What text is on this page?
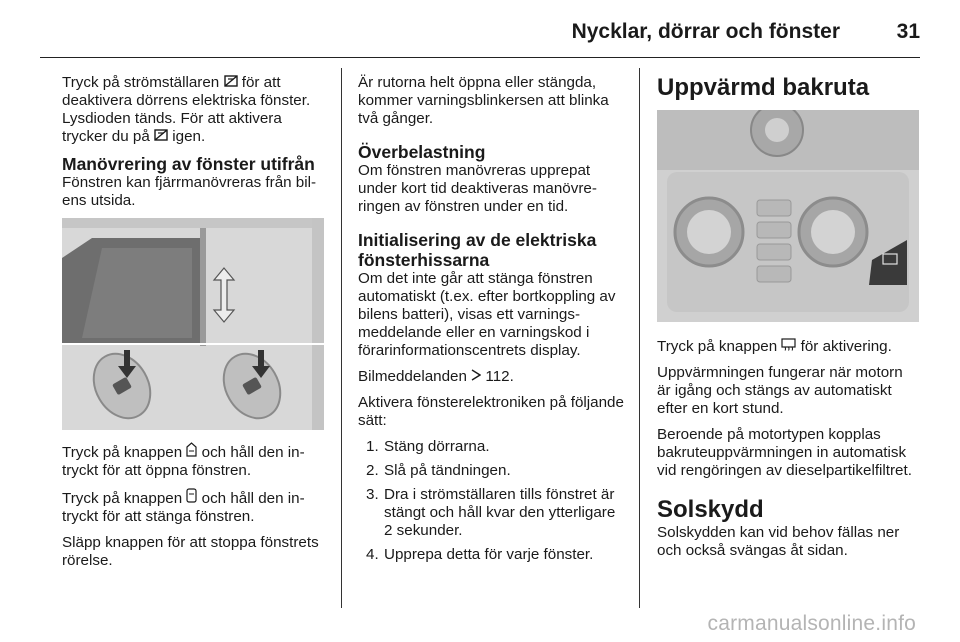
Nycklar, dörrar och fönster	31

Tryck på strömställaren för att deaktivera dörrens elektriska fönster. Lysdioden tänds. För att aktivera trycker du på igen.

Manövrering av fönster utifrån

Fönstren kan fjärrmanövreras från bilens utsida.

Tryck på knappen och håll den intryckt för att öppna fönstren.

Tryck på knappen och håll den intryckt för att stänga fönstren.

Släpp knappen för att stoppa fönstrets rörelse.

Är rutorna helt öppna eller stängda, kommer varningsblinkersen att blinka två gånger.

Överbelastning

Om fönstren manövreras upprepat under kort tid deaktiveras manövreringen av fönstren under en tid.

Initialisering av de elektriska fönsterhissarna

Om det inte går att stänga fönstren automatiskt (t.ex. efter bortkoppling av bilens batteri), visas ett varningsmeddelande eller en varningskod i förarinformationscentrets display.

Bilmeddelanden 112.

Aktivera fönsterelektroniken på följande sätt:

1. Stäng dörrarna.
2. Slå på tändningen.
3. Dra i strömställaren tills fönstret är stängt och håll kvar den ytterligare 2 sekunder.
4. Upprepa detta för varje fönster.
Uppvärmd bakruta

Tryck på knappen för aktivering.

Uppvärmningen fungerar när motorn är igång och stängs av automatiskt efter en kort stund.

Beroende på motortypen kopplas bakruteuppvärmningen in automatisk vid rengöringen av dieselpartikelfiltret.

Solskydd

Solskydden kan vid behov fällas ner och också svängas åt sidan.

carmanualsonline.info
